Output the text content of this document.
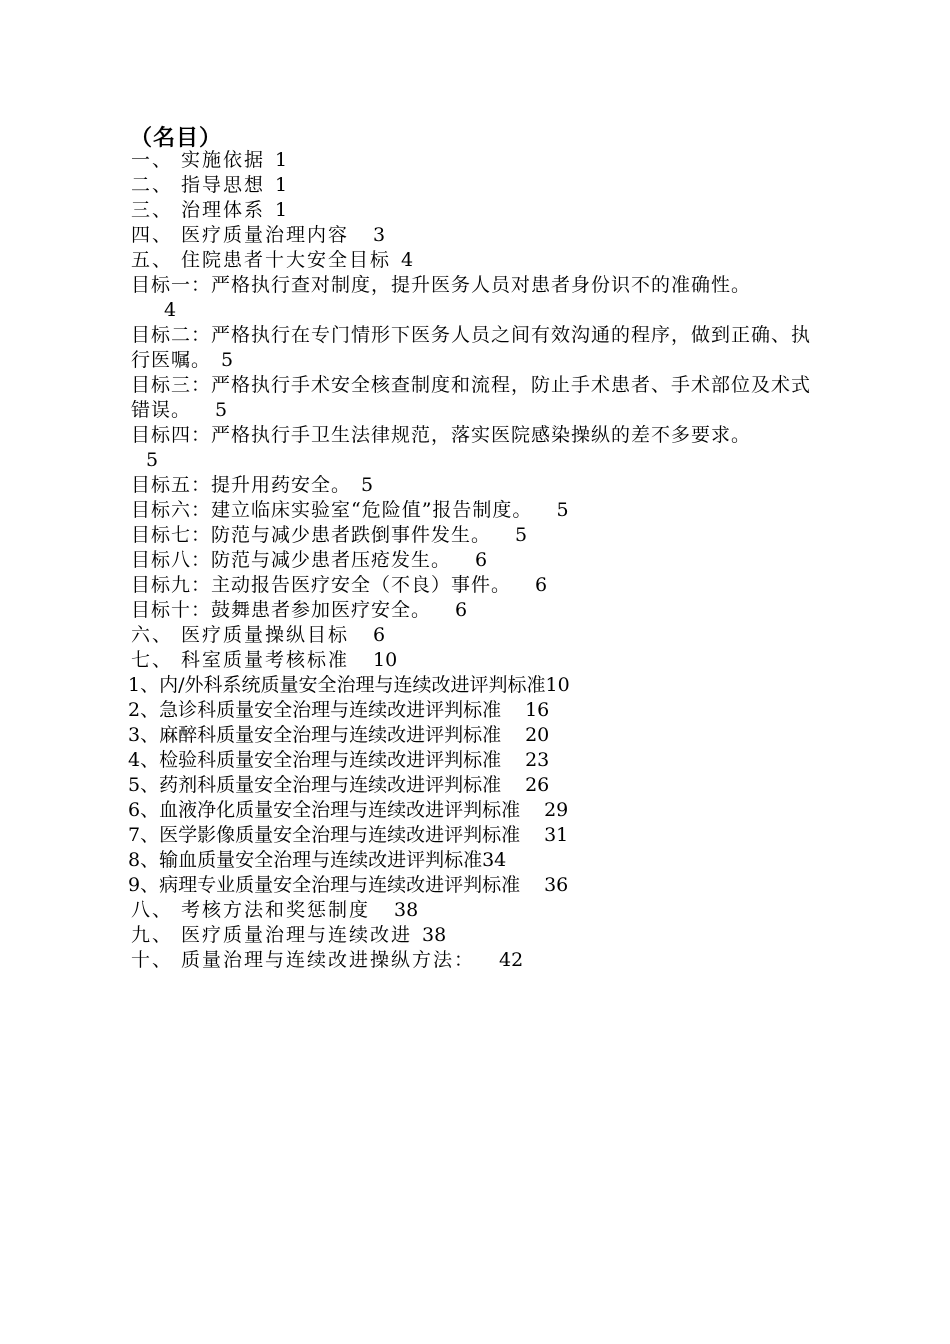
（名目）
一、 实施依据 1
二、 指导思想 1
三、 治理体系 1
四、 医疗质量治理内容 3
五、 住院患者十大安全目标 4
目标一：严格执行查对制度，提升医务人员对患者身份识不的准确性。
4
目标二：严格执行在专门情形下医务人员之间有效沟通的程序，做到正确、执行医嘱。 5
目标三：严格执行手术安全核查制度和流程，防止手术患者、手术部位及术式错误。 5
目标四：严格执行手卫生法律规范，落实医院感染操纵的差不多要求。
5
目标五：提升用药安全。 5
目标六：建立临床实验室“危险值”报告制度。 5
目标七：防范与减少患者跌倒事件发生。 5
目标八：防范与减少患者压疮发生。 6
目标九：主动报告医疗安全（不良）事件。 6
目标十：鼓舞患者参加医疗安全。 6
六、 医疗质量操纵目标 6
七、 科室质量考核标准 10
1、内/外科系统质量安全治理与连续改进评判标准10
2、急诊科质量安全治理与连续改进评判标准 16
3、麻醉科质量安全治理与连续改进评判标准 20
4、检验科质量安全治理与连续改进评判标准 23
5、药剂科质量安全治理与连续改进评判标准 26
6、血液净化质量安全治理与连续改进评判标准 29
7、医学影像质量安全治理与连续改进评判标准 31
8、输血质量安全治理与连续改进评判标准34
9、病理专业质量安全治理与连续改进评判标准 36
八、 考核方法和奖惩制度 38
九、 医疗质量治理与连续改进 38
十、 质量治理与连续改进操纵方法： 42
